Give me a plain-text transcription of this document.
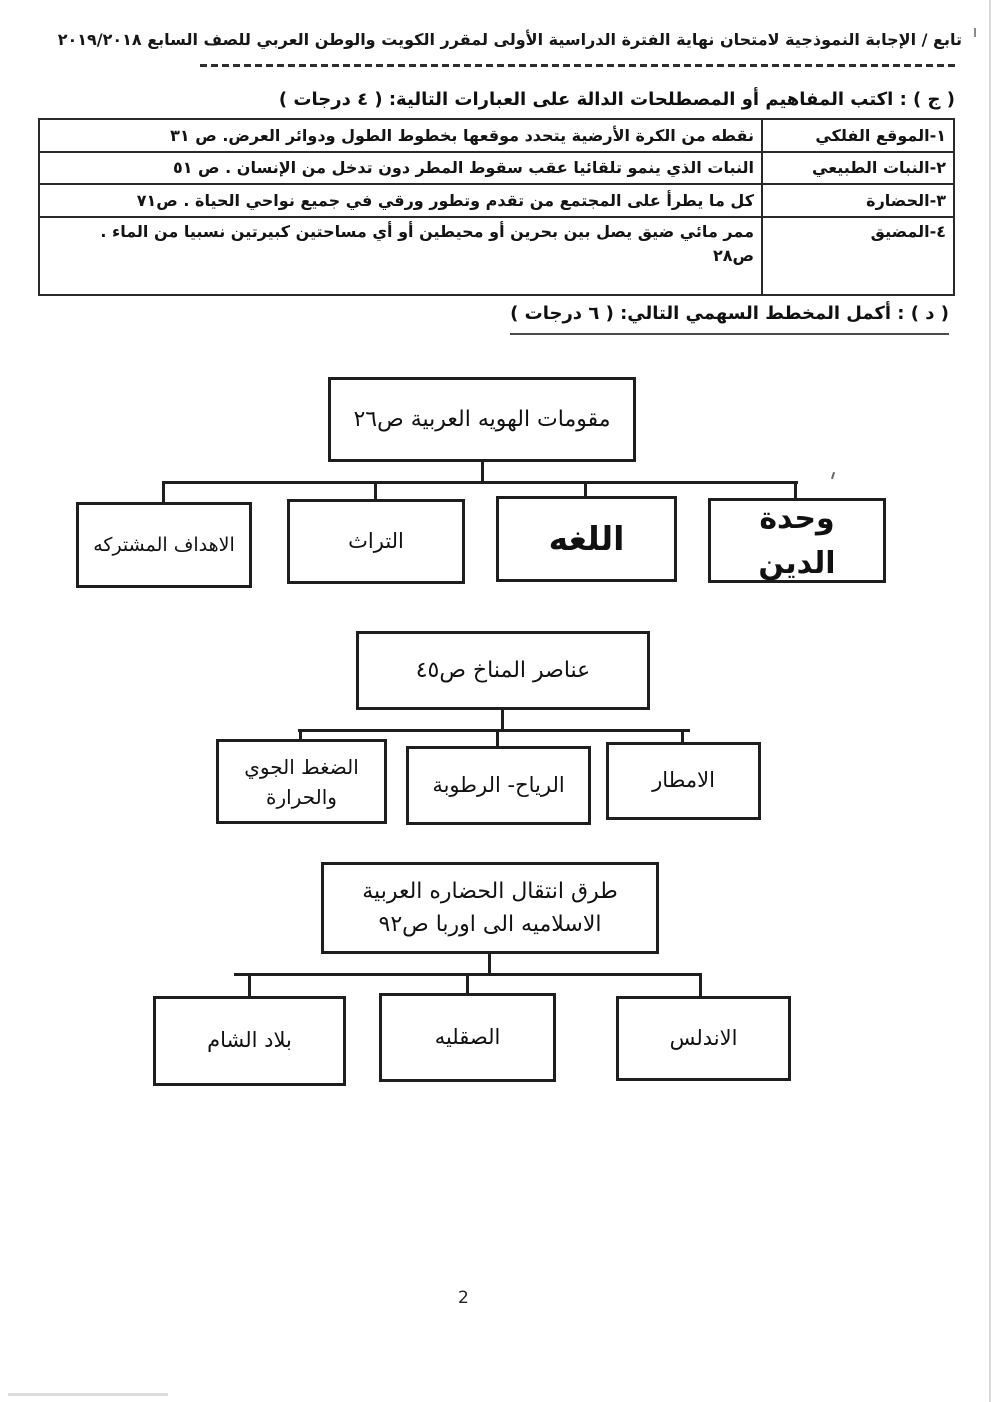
تابع / الإجابة النموذجية لامتحان نهاية الفترة الدراسية الأولى لمقرر الكويت والوطن العربي للصف السابع ٢٠١٩/٢٠١٨
( ج ) : اكتب المفاهيم أو المصطلحات الدالة على العبارات التالية: ( ٤ درجات )
١-الموقع الفلكي	نقطه من الكرة الأرضية يتحدد موقعها بخطوط الطول ودوائر العرض. ص ٣١
٢-النبات الطبيعي	النبات الذي ينمو تلقائيا عقب سقوط المطر دون تدخل من الإنسان . ص ٥١
٣-الحضارة	كل ما يطرأ على المجتمع من تقدم وتطور ورقي في جميع نواحي الحياة . ص٧١
٤-المضيق	ممر مائي ضيق يصل بين بحرين أو محيطين أو أي مساحتين كبيرتين نسبيا من الماء .
ص٢٨
( د ) : أكمل المخطط السهمي التالي: ( ٦ درجات )
مقومات الهويه العربية ص٢٦
وحدة الدين
اللغه
التراث
الاهداف المشتركه
عناصر المناخ ص٤٥
الامطار
الرياح- الرطوبة
الضغط الجوي والحرارة
طرق انتقال الحضاره العربية الاسلاميه الى اوربا ص٩٢
الاندلس
الصقليه
بلاد الشام
2
